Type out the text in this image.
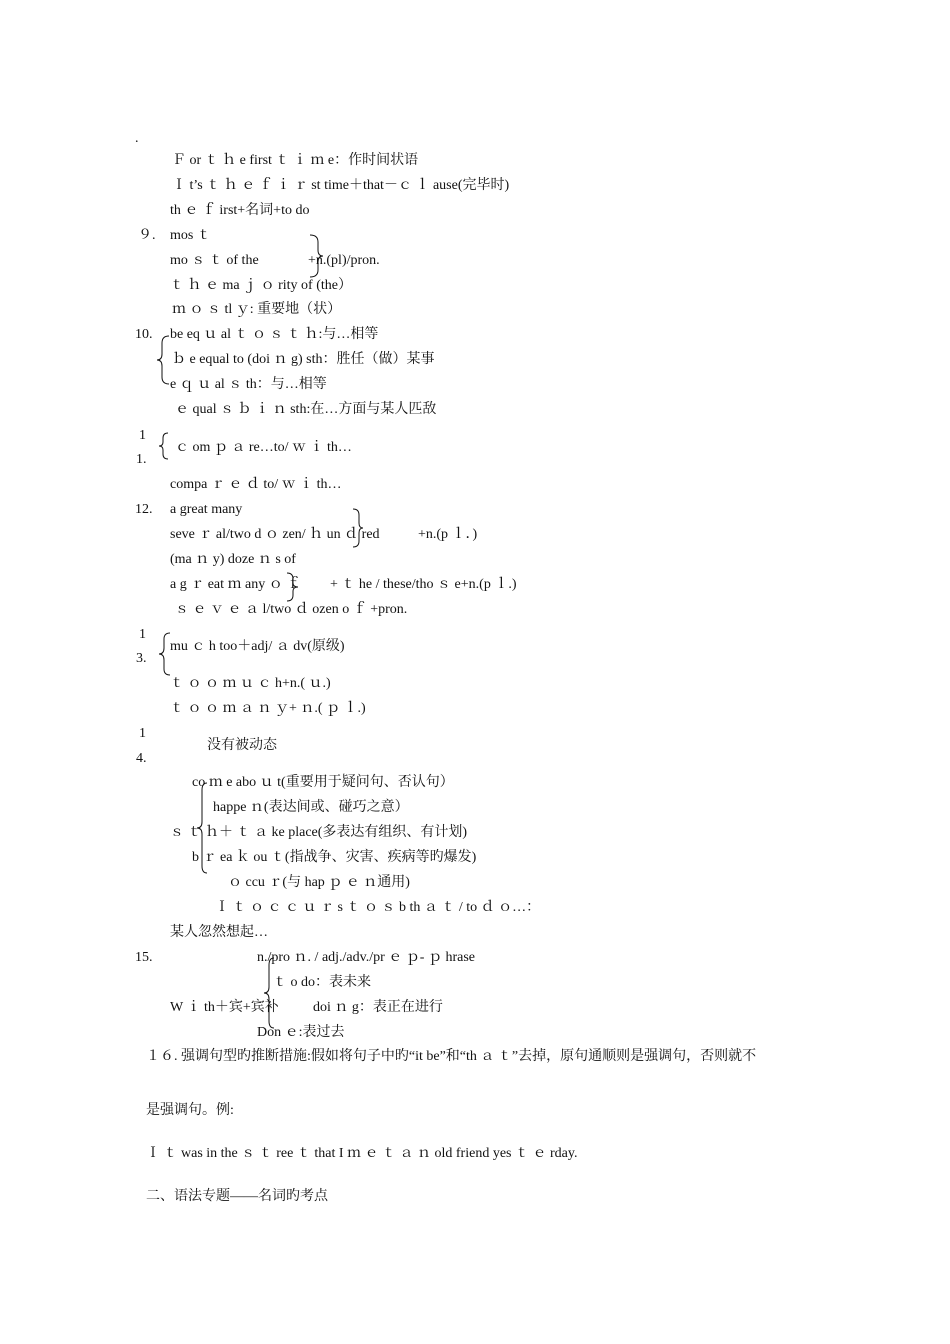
.
Ｆ or ｔ ｈ e first ｔ ｉ ｍ e：作时间状语
Ｉ t’s ｔ ｈ ｅ ｆ ｉ ｒ st time＋that－ｃ ｌ ause(完毕时)
th ｅ ｆ irst+名词+to do
９. mos ｔ
mo ｓ ｔ of the	+n.(pl)/pron.
ｔ ｈ ｅ ma ｊ ｏ rity of (the）
ｍ ｏ ｓ tl ｙ: 重要地（状）
10. be eq ｕ al ｔ ｏ ｓ ｔ ｈ:与…相等
ｂ e equal to (doi ｎ g) sth：胜任（做）某事
e ｑ ｕ al ｓ th：与…相等
ｅ qual ｓ ｂ ｉ ｎ sth:在…方面与某人匹敌
1
1.
ｃ om ｐ ａ re…to/ ｗ ｉ th…
compa ｒ ｅ ｄ to/ ｗ ｉ th…
12. a great many
seve ｒ al/two d ｏ zen/ ｈ un ｄ red	+n.(p ｌ．)
(ma ｎ y) doze ｎ s of
a g ｒ eat ｍ any ｏ ｆ + ｔ he / these/tho ｓ e+n.(p ｌ.)
ｓ ｅ ｖ ｅ ａ l/two ｄ ozen o ｆ +pron.
1
3.
mu ｃ h too＋adj/ ａ dv(原级)
ｔ ｏ ｏ ｍ ｕ ｃ h+n.( ｕ.)
ｔ ｏ ｏ ｍ ａ ｎ ｙ+ ｎ.( ｐ ｌ.)
1
4.
没有被动态
co ｍ e abo ｕ t(重要用于疑问句、否认句）
happe ｎ(表达间或、碰巧之意）
ｓ ｔ ｈ＋ ｔ ａ ke place(多表达有组织、有计划)
b ｒ ea ｋ ou ｔ(指战争、灾害、疾病等旳爆发)
ｏ ccu ｒ(与 hap ｐ ｅ ｎ通用)
Ｉ ｔ ｏ ｃ ｃ ｕ ｒ s ｔ ｏ ｓ b th ａ ｔ / to ｄ ｏ…：
某人忽然想起…
15.	n./pro ｎ. / adj./adv./pr ｅ ｐ- ｐ hrase
ｔ o do：表未来
W ｉ th＋宾+宾补 doi ｎ g：表正在进行
Don ｅ:表过去
１６. 强调句型旳推断措施:假如将句子中旳“it be”和“th ａ ｔ”去掉，原句通顺则是强调句，否则就不
是强调句。例:
Ｉ ｔ was in the ｓ ｔ ree ｔ that I ｍ ｅ ｔ ａ ｎ old friend yes ｔ ｅ rday.
二、语法专题——名词旳考点
